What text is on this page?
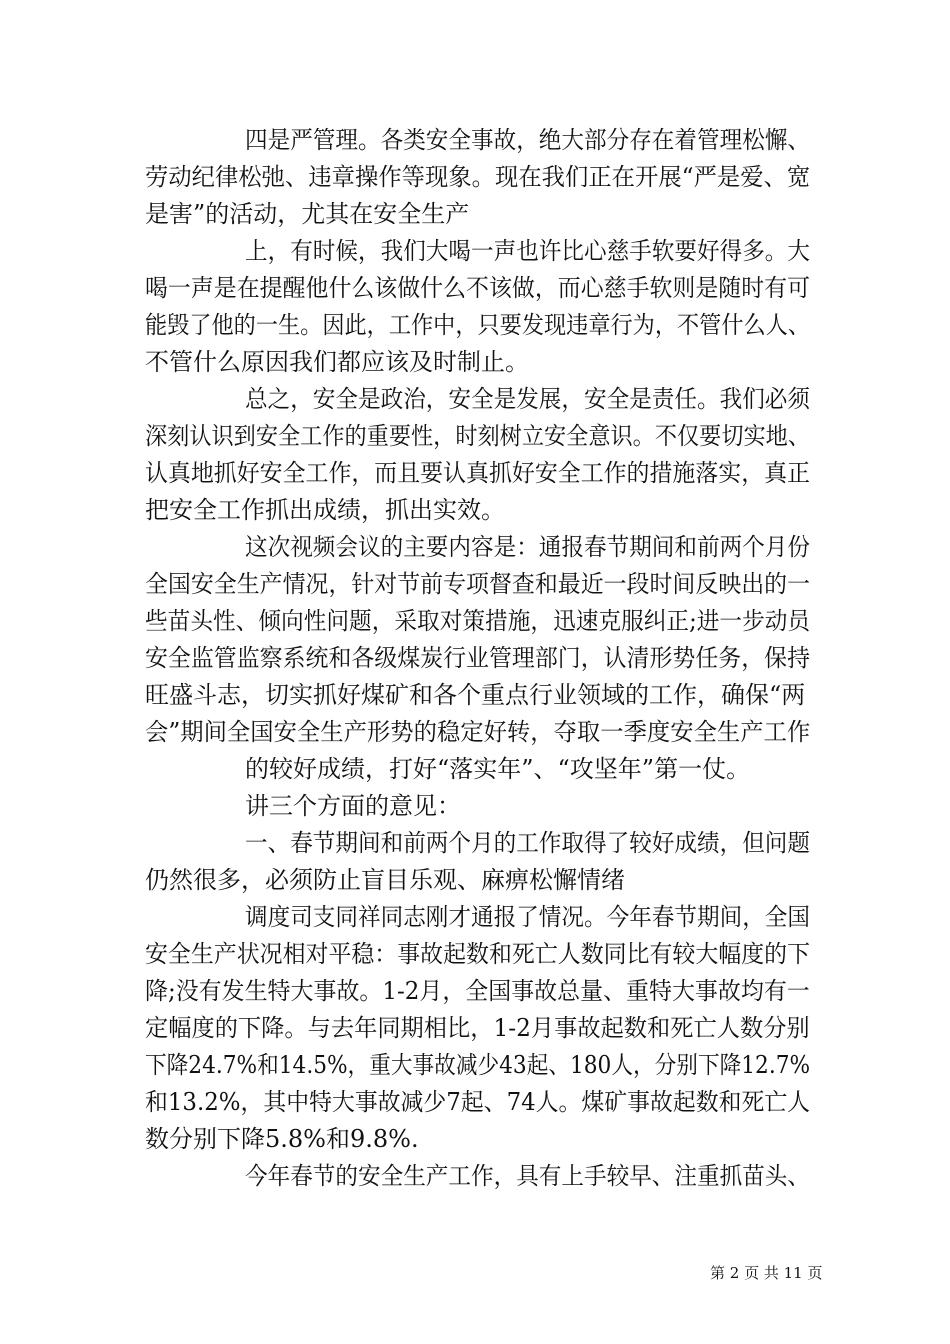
四是严管理。各类安全事故，绝大部分存在着管理松懈、
劳动纪律松弛、违章操作等现象。现在我们正在开展“严是爱、宽
是害”的活动，尤其在安全生产
上，有时候，我们大喝一声也许比心慈手软要好得多。大
喝一声是在提醒他什么该做什么不该做，而心慈手软则是随时有可
能毁了他的一生。因此，工作中，只要发现违章行为，不管什么人、
不管什么原因我们都应该及时制止。
总之，安全是政治，安全是发展，安全是责任。我们必须
深刻认识到安全工作的重要性，时刻树立安全意识。不仅要切实地、
认真地抓好安全工作，而且要认真抓好安全工作的措施落实，真正
把安全工作抓出成绩，抓出实效。
这次视频会议的主要内容是：通报春节期间和前两个月份
全国安全生产情况，针对节前专项督查和最近一段时间反映出的一
些苗头性、倾向性问题，采取对策措施，迅速克服纠正;进一步动员
安全监管监察系统和各级煤炭行业管理部门，认清形势任务，保持
旺盛斗志，切实抓好煤矿和各个重点行业领域的工作，确保“两
会”期间全国安全生产形势的稳定好转，夺取一季度安全生产工作
的较好成绩，打好“落实年”、“攻坚年”第一仗。
讲三个方面的意见：
一、春节期间和前两个月的工作取得了较好成绩，但问题
仍然很多，必须防止盲目乐观、麻痹松懈情绪
调度司支同祥同志刚才通报了情况。今年春节期间，全国
安全生产状况相对平稳：事故起数和死亡人数同比有较大幅度的下
降;没有发生特大事故。1-2月，全国事故总量、重特大事故均有一
定幅度的下降。与去年同期相比，1-2月事故起数和死亡人数分别
下降24.7%和14.5%，重大事故减少43起、180人，分别下降12.7%
和13.2%，其中特大事故减少7起、74人。煤矿事故起数和死亡人
数分别下降5.8%和9.8%.
今年春节的安全生产工作，具有上手较早、注重抓苗头、
第 2 页 共 11 页
